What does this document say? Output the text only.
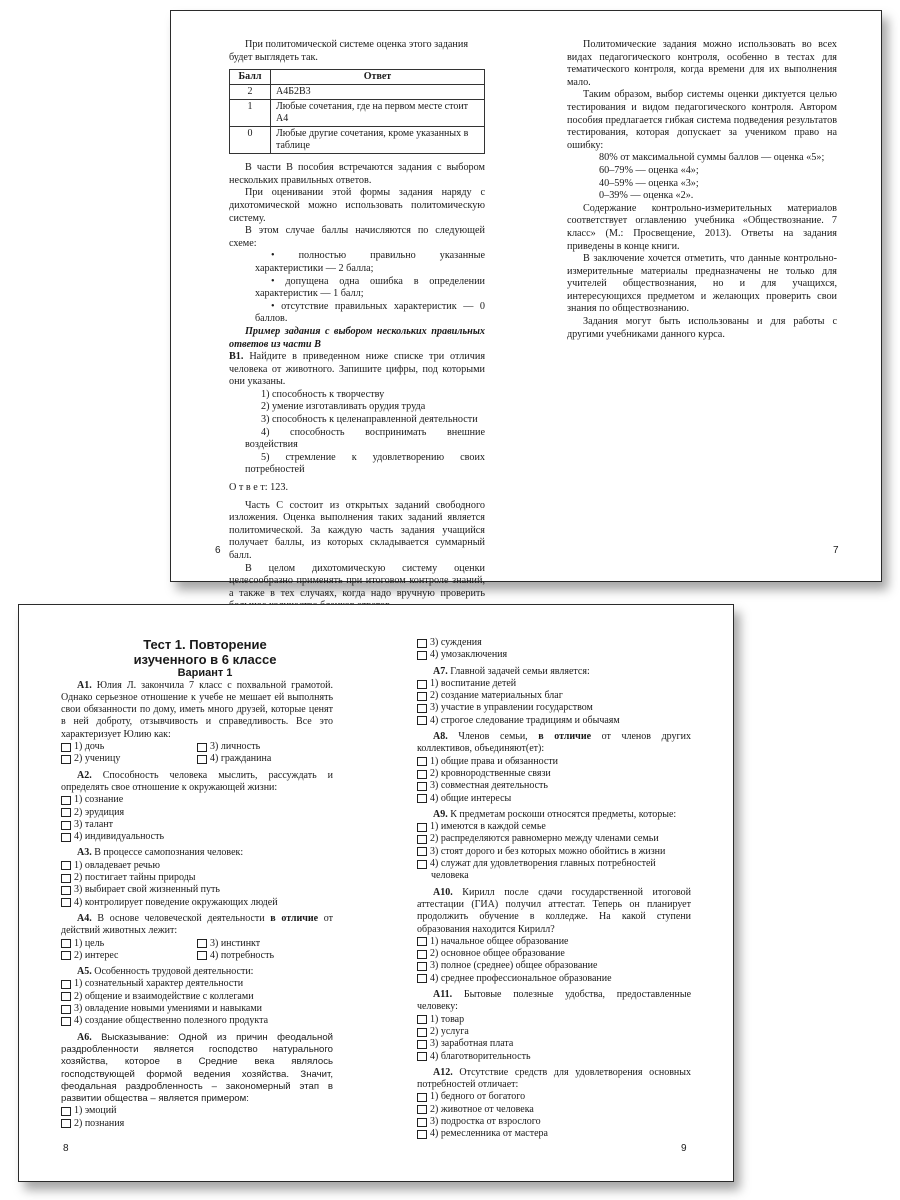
При политомической системе оценка этого задания

будет выглядеть так.

Балл	Ответ
2	А4Б2В3
1	Любые сочетания, где на первом месте стоит А4
0	Любые другие сочетания, кроме указанных в таблице

В части В пособия встречаются задания с выбором нескольких правильных ответов.

При оценивании этой формы задания наряду с дихотомической можно использовать политомическую систему.

В этом случае баллы начисляются по следующей схеме:

• полностью правильно указанные характеристики — 2 балла;

• допущена одна ошибка в определении характеристик — 1 балл;

• отсутствие правильных характеристик — 0 баллов.

Пример задания с выбором нескольких правильных ответов из части В

В1. Найдите в приведенном ниже списке три отличия человека от животного. Запишите цифры, под которыми они указаны.

1) способность к творчеству

2) умение изготавливать орудия труда

3) способность к целенаправленной деятельности

4) способность воспринимать внешние воздействия

5) стремление к удовлетворению своих потребностей

О т в е т: 123.

Часть С состоит из открытых заданий свободного изложения. Оценка выполнения таких заданий является политомической. За каждую часть задания учащийся получает баллы, из которых складывается суммарный балл.

В целом дихотомическую систему оценки целесообразно применять при итоговом контроле знаний, а также в тех случаях, когда надо вручную проверить

6

Политомические задания можно использовать во всех видах педагогического контроля, особенно в тестах для тематического контроля, когда времени для их выполнения мало.

Таким образом, выбор системы оценки диктуется целью тестирования и видом педагогического контроля. Автором пособия предлагается гибкая система подведения результатов тестирования, которая допускает за учеником право на ошибку:

80% от максимальной суммы баллов — оценка «5»;

60–79% — оценка «4»;

40–59% — оценка «3»;

0–39% — оценка «2».

Содержание контрольно-измерительных материалов соответствует оглавлению учебника «Обществознание. 7 класс» (М.: Просвещение, 2013). Ответы на задания приведены в конце книги.

В заключение хочется отметить, что данные контрольно-измерительные материалы предназначены не только для учителей обществознания, но и для учащихся, интересующихся предметом и желающих проверить свои знания по обществознанию.

Задания могут быть использованы и для работы с другими учебниками данного курса.

7

Тест 1. Повторение

изученного в 6 классе

Вариант 1

А1. Юлия Л. закончила 7 класс с похвальной грамотой. Однако серьезное отношение к учебе не мешает ей выполнять свои обязанности по дому, иметь много друзей, которые ценят в ней доброту, отзывчивость и справедливость. Все это характеризует Юлию как:

1) дочь	3) личность
2) ученицу	4) гражданина

А2. Способность человека мыслить, рассуждать и определять свое отношение к окружающей жизни:

1) сознание
2) эрудиция
3) талант
4) индивидуальность

А3. В процессе самопознания человек:

1) овладевает речью
2) постигает тайны природы
3) выбирает свой жизненный путь
4) контролирует поведение окружающих людей

А4. В основе человеческой деятельности в отличие от действий животных лежит:

1) цель	3) инстинкт
2) интерес	4) потребность

А5. Особенность трудовой деятельности:

1) сознательный характер деятельности
2) общение и взаимодействие с коллегами
3) овладение новыми умениями и навыками
4) создание общественно полезного продукта

А6. Высказывание: Одной из причин феодальной раздробленности является господство натурального хозяйства, которое в Средние века являлось господствующей формой ведения хозяйства. Значит, феодальная раздробленность – закономерный этап в развитии общества – является примером:

1) эмоций
2) познания
8
3) суждения
4) умозаключения

А7. Главной задачей семьи является:

1) воспитание детей
2) создание материальных благ
3) участие в управлении государством
4) строгое следование традициям и обычаям

А8. Членов семьи, в отличие от членов других коллективов, объединяют(ет):

1) общие права и обязанности
2) кровнородственные связи
3) совместная деятельность
4) общие интересы

А9. К предметам роскоши относятся предметы, которые:

1) имеются в каждой семье
2) распределяются равномерно между членами семьи
3) стоят дорого и без которых можно обойтись в жизни
4) служат для удовлетворения главных потребностей
человека

А10. Кирилл после сдачи государственной итоговой аттестации (ГИА) получил аттестат. Теперь он планирует продолжить обучение в колледже. На какой ступени образования находится Кирилл?

1) начальное общее образование
2) основное общее образование
3) полное (среднее) общее образование
4) среднее профессиональное образование

А11. Бытовые полезные удобства, предоставленные человеку:

1) товар
2) услуга
3) заработная плата
4) благотворительность

А12. Отсутствие средств для удовлетворения основных потребностей отличает:

1) бедного от богатого
2) животное от человека
3) подростка от взрослого
4) ремесленника от мастера
9
